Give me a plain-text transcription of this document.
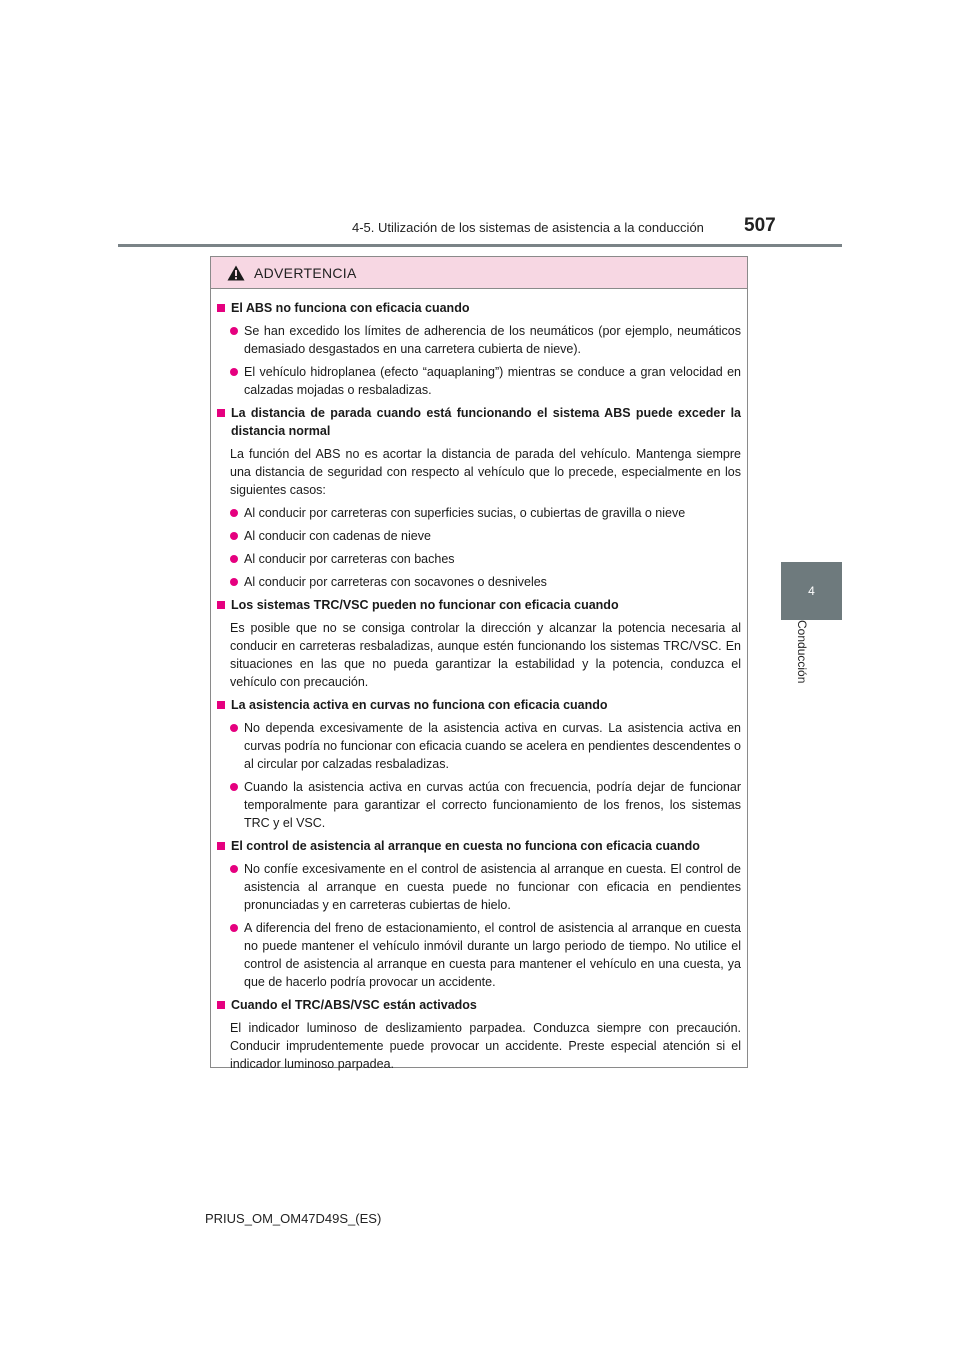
4-5. Utilización de los sistemas de asistencia a la conducción 507
4
Conducción
ADVERTENCIA
El ABS no funciona con eficacia cuando
Se han excedido los límites de adherencia de los neumáticos (por ejemplo, neumáticos demasiado desgastados en una carretera cubierta de nieve).
El vehículo hidroplanea (efecto “aquaplaning”) mientras se conduce a gran velocidad en calzadas mojadas o resbaladizas.
La distancia de parada cuando está funcionando el sistema ABS puede exceder la distancia normal
La función del ABS no es acortar la distancia de parada del vehículo. Mantenga siempre una distancia de seguridad con respecto al vehículo que lo precede, especialmente en los siguientes casos:
Al conducir por carreteras con superficies sucias, o cubiertas de gravilla o nieve
Al conducir con cadenas de nieve
Al conducir por carreteras con baches
Al conducir por carreteras con socavones o desniveles
Los sistemas TRC/VSC pueden no funcionar con eficacia cuando
Es posible que no se consiga controlar la dirección y alcanzar la potencia necesaria al conducir en carreteras resbaladizas, aunque estén funcionando los sistemas TRC/VSC. En situaciones en las que no pueda garantizar la estabilidad y la potencia, conduzca el vehículo con precaución.
La asistencia activa en curvas no funciona con eficacia cuando
No dependa excesivamente de la asistencia activa en curvas. La asistencia activa en curvas podría no funcionar con eficacia cuando se acelera en pendientes descendentes o al circular por calzadas resbaladizas.
Cuando la asistencia activa en curvas actúa con frecuencia, podría dejar de funcionar temporalmente para garantizar el correcto funcionamiento de los frenos, los sistemas TRC y el VSC.
El control de asistencia al arranque en cuesta no funciona con eficacia cuando
No confíe excesivamente en el control de asistencia al arranque en cuesta. El control de asistencia al arranque en cuesta puede no funcionar con eficacia en pendientes pronunciadas y en carreteras cubiertas de hielo.
A diferencia del freno de estacionamiento, el control de asistencia al arranque en cuesta no puede mantener el vehículo inmóvil durante un largo periodo de tiempo. No utilice el control de asistencia al arranque en cuesta para mantener el vehículo en una cuesta, ya que de hacerlo podría provocar un accidente.
Cuando el TRC/ABS/VSC están activados
El indicador luminoso de deslizamiento parpadea. Conduzca siempre con precaución. Conducir imprudentemente puede provocar un accidente. Preste especial atención si el indicador luminoso parpadea.
PRIUS_OM_OM47D49S_(ES)
